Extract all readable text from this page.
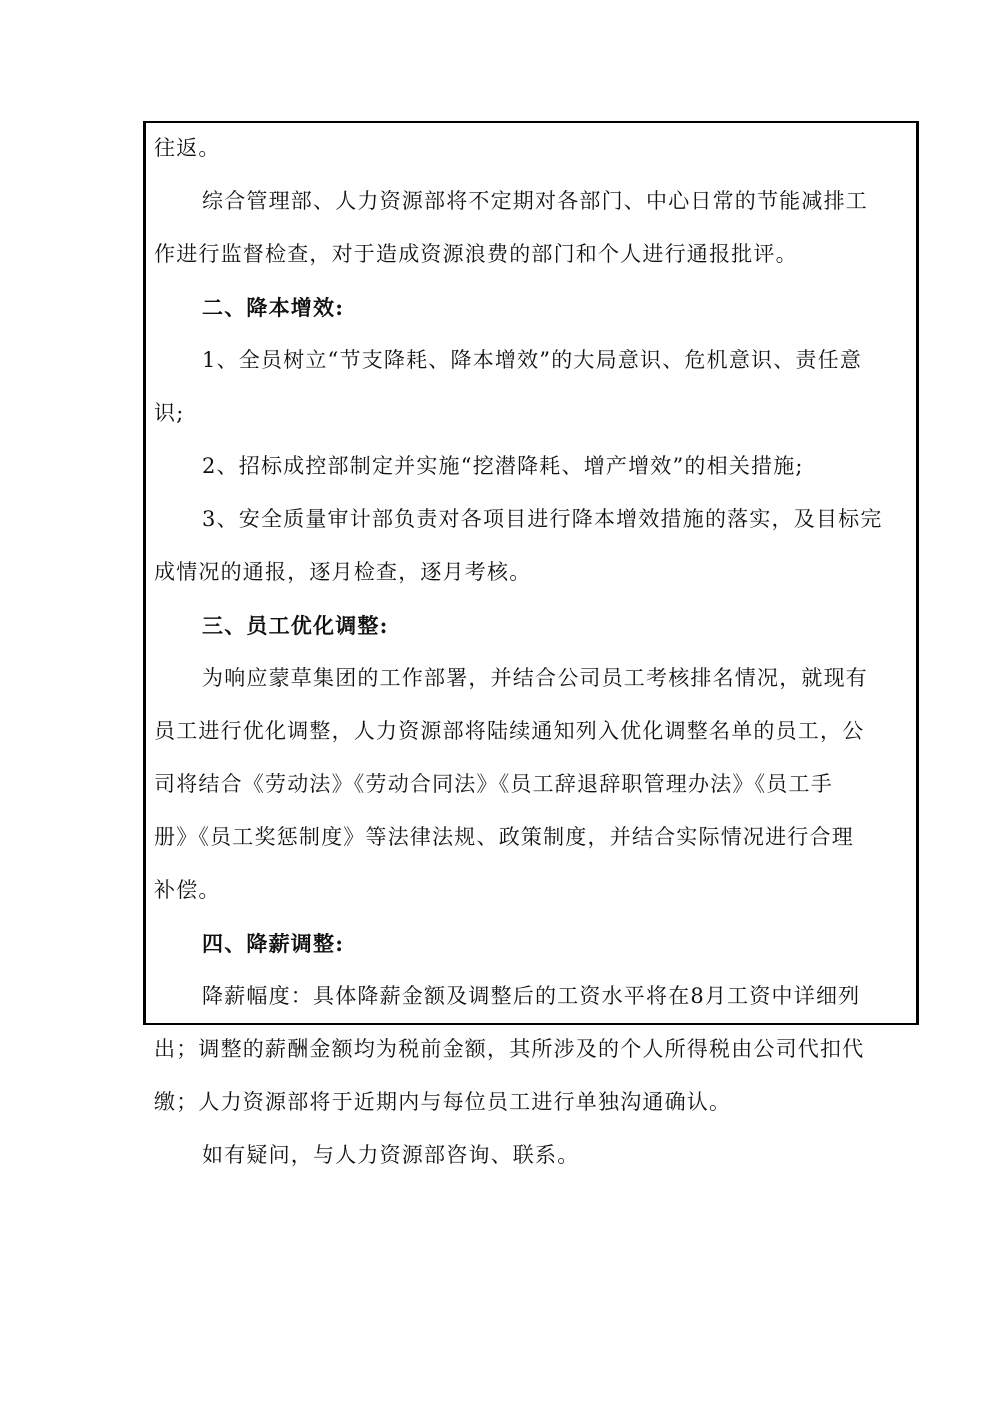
往返。
综合管理部、人力资源部将不定期对各部门、中心日常的节能减排工
作进行监督检查，对于造成资源浪费的部门和个人进行通报批评。
二、降本增效:
1、全员树立“节支降耗、降本增效”的大局意识、危机意识、责任意
识;
2、招标成控部制定并实施“挖潜降耗、增产增效”的相关措施;
3、安全质量审计部负责对各项目进行降本增效措施的落实，及目标完
成情况的通报，逐月检查，逐月考核。
三、员工优化调整:
为响应蒙草集团的工作部署，并结合公司员工考核排名情况，就现有
员工进行优化调整，人力资源部将陆续通知列入优化调整名单的员工，公
司将结合《劳动法》《劳动合同法》《员工辞退辞职管理办法》《员工手
册》《员工奖惩制度》等法律法规、政策制度，并结合实际情况进行合理
补偿。
四、降薪调整:
降薪幅度：具体降薪金额及调整后的工资水平将在8月工资中详细列
出；调整的薪酬金额均为税前金额，其所涉及的个人所得税由公司代扣代
缴；人力资源部将于近期内与每位员工进行单独沟通确认。
如有疑问，与人力资源部咨询、联系。
